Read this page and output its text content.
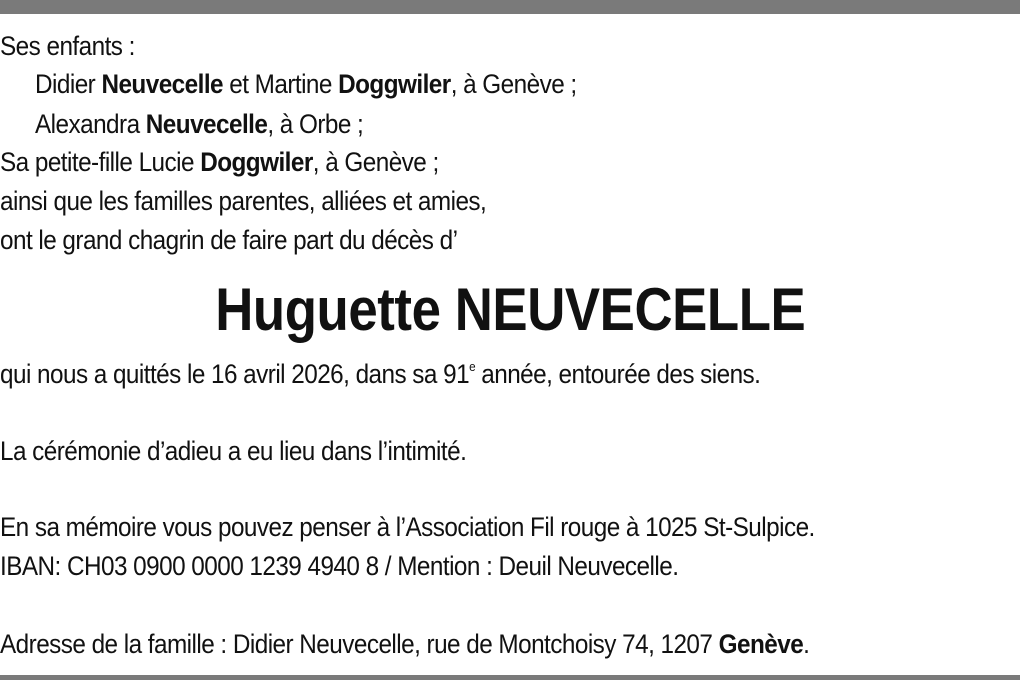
Ses enfants :
Didier Neuvecelle et Martine Doggwiler, à Genève ;
Alexandra Neuvecelle, à Orbe ;
Sa petite-fille Lucie Doggwiler, à Genève ;
ainsi que les familles parentes, alliées et amies,
ont le grand chagrin de faire part du décès d’
Huguette NEUVECELLE
qui nous a quittés le 16 avril 2026, dans sa 91e année, entourée des siens.
La cérémonie d’adieu a eu lieu dans l’intimité.
En sa mémoire vous pouvez penser à l’Association Fil rouge à 1025 St-Sulpice.
IBAN: CH03 0900 0000 1239 4940 8 / Mention : Deuil Neuvecelle.
Adresse de la famille : Didier Neuvecelle, rue de Montchoisy 74, 1207 Genève.
